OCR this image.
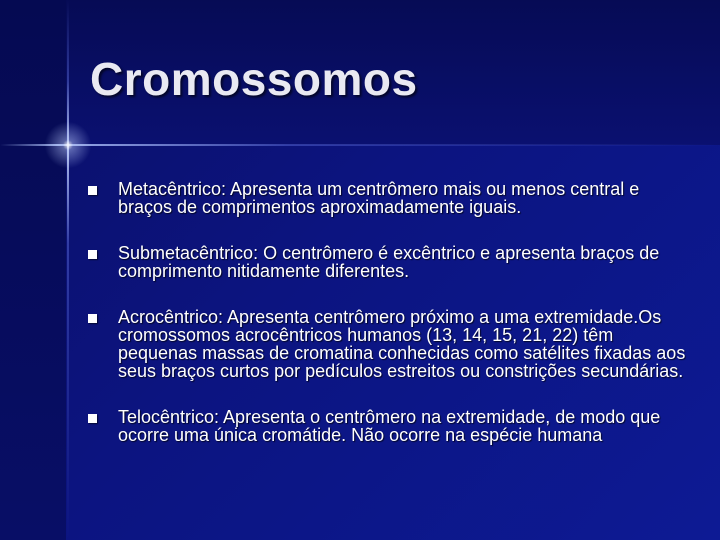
Cromossomos
Metacêntrico: Apresenta um centrômero mais ou menos central e braços de comprimentos aproximadamente iguais.
Submetacêntrico: O centrômero é excêntrico e apresenta braços de comprimento nitidamente diferentes.
Acrocêntrico: Apresenta centrômero próximo a uma extremidade.Os cromossomos acrocêntricos humanos (13, 14, 15, 21, 22) têm pequenas massas de cromatina conhecidas como satélites fixadas aos seus braços curtos por pedículos estreitos ou constrições secundárias.
Telocêntrico: Apresenta o centrômero na extremidade, de modo que ocorre uma única cromátide. Não ocorre na espécie humana
